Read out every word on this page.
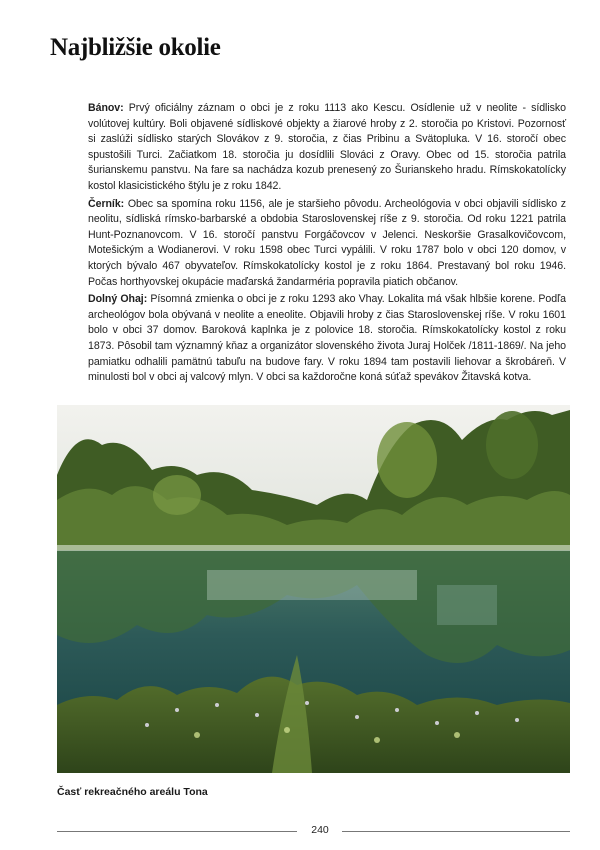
Najbližšie okolie

Bánov: Prvý oficiálny záznam o obci je z roku 1113 ako Kescu. Osídlenie už v neolite - sídlisko volútovej kultúry. Boli objavené sídliskové objekty a žiarové hroby z 2. storočia po Kristovi. Pozornosť si zaslúži sídlisko starých Slovákov z 9. storočia, z čias Pribinu a Svätopluka. V 16. storočí obec spustošili Turci. Začiatkom 18. storočia ju dosídlili Slováci z Oravy. Obec od 15. storočia patrila šurianskemu panstvu. Na fare sa nachádza kozub prenesený zo Šurianskeho hradu. Rímskokatolícky kostol klasicistického štýlu je z roku 1842.

Černík: Obec sa spomína roku 1156, ale je staršieho pôvodu. Archeológovia v obci objavili sídlisko z neolitu, sídliská rímsko-barbarské a obdobia Staroslovenskej ríše z 9. storočia. Od roku 1221 patrila Hunt-Poznanovcom. V 16. storočí panstvu Forgáčovcov v Jelenci. Neskoršie Grasalkovičovcom, Motešickým a Wodianerovi. V roku 1598 obec Turci vypálili. V roku 1787 bolo v obci 120 domov, v ktorých bývalo 467 obyvateľov. Rímskokatolícky kostol je z roku 1864. Prestavaný bol roku 1946. Počas horthyovskej okupácie maďarská žandarméria popravila piatich občanov.

Dolný Ohaj: Písomná zmienka o obci je z roku 1293 ako Vhay. Lokalita má však hlbšie korene. Podľa archeológov bola obývaná v neolite a eneolite. Objavili hroby z čias Staroslovenskej ríše. V roku 1601 bolo v obci 37 domov. Baroková kaplnka je z polovice 18. storočia. Rímskokatolícky kostol z roku 1873. Pôsobil tam významný kňaz a organizátor slovenského života Juraj Holček /1811-1869/. Na jeho pamiatku odhalili pamätnú tabuľu na budove fary. V roku 1894 tam postavili liehovar a škrobáreň. V minulosti bol v obci aj valcový mlyn. V obci sa každoročne koná súťaž spevákov Žitavská kotva.

Časť rekreačného areálu Tona
240
